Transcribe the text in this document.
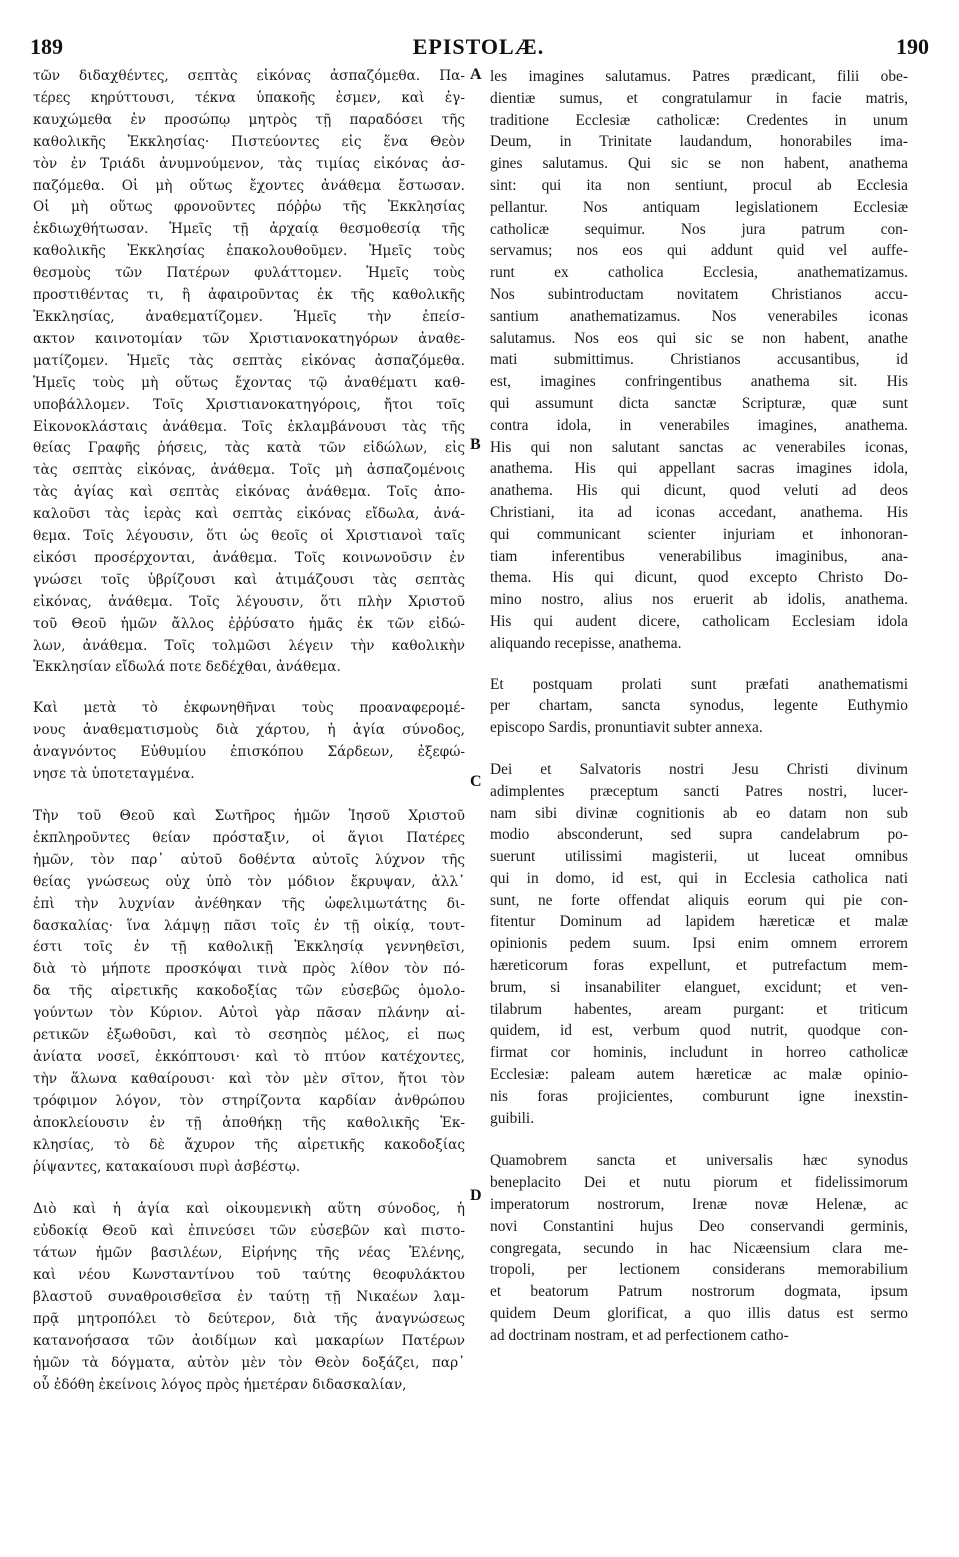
189	EPISTOLÆ.	190
τῶν διδαχθέντες, σεπτὰς εἰκόνας ἀσπαζόμεθα. Πα-
τέρες κηρύττουσι, τέκνα ὑπακοῆς ἐσμεν, καὶ ἐγ-
καυχώμεθα ἐν προσώπῳ μητρὸς τῇ παραδόσει τῆς
καθολικῆς Ἐκκλησίας· Πιστεύοντες εἰς ἕνα Θεὸν
τὸν ἐν Τριάδι ἀνυμνούμενον, τὰς τιμίας εἰκόνας ἀσ-
παζόμεθα. Οἱ μὴ οὕτως ἔχοντες ἀνάθεμα ἔστωσαν.
Οἱ μὴ οὕτως φρονοῦντες πόῤῥω τῆς Ἐκκλησίας
ἐκδιωχθήτωσαν. Ἡμεῖς τῇ ἀρχαίᾳ θεσμοθεσίᾳ τῆς
καθολικῆς Ἐκκλησίας ἐπακολουθοῦμεν. Ἡμεῖς τοὺς
θεσμοὺς τῶν Πατέρων φυλάττομεν. Ἡμεῖς τοὺς
προστιθέντας τι, ἢ ἀφαιροῦντας ἐκ τῆς καθολικῆς
Ἐκκλησίας, ἀναθεματίζομεν. Ἡμεῖς τὴν ἐπείσ-
ακτον καινοτομίαν τῶν Χριστιανοκατηγόρων ἀναθε-
ματίζομεν. Ἡμεῖς τὰς σεπτὰς εἰκόνας ἀσπαζόμεθα.
Ἡμεῖς τοὺς μὴ οὕτως ἔχοντας τῷ ἀναθέματι καθ-
υποβάλλομεν. Τοῖς Χριστιανοκατηγόροις, ἤτοι τοῖς
Εἰκονοκλάσταις ἀνάθεμα. Τοῖς ἐκλαμβάνουσι τὰς τῆς
θείας Γραφῆς ῥήσεις, τὰς κατὰ τῶν εἰδώλων, εἰς
τὰς σεπτὰς εἰκόνας, ἀνάθεμα. Τοῖς μὴ ἀσπαζομένοις
τὰς ἁγίας καὶ σεπτὰς εἰκόνας ἀνάθεμα. Τοῖς ἀπο-
καλοῦσι τὰς ἱερὰς καὶ σεπτὰς εἰκόνας εἴδωλα, ἀνά-
θεμα. Τοῖς λέγουσιν, ὅτι ὡς θεοῖς οἱ Χριστιανοὶ ταῖς
εἰκόσι προσέρχονται, ἀνάθεμα. Τοῖς κοινωνοῦσιν ἐν
γνώσει τοῖς ὑβρίζουσι καὶ ἀτιμάζουσι τὰς σεπτὰς
εἰκόνας, ἀνάθεμα. Τοῖς λέγουσιν, ὅτι πλὴν Χριστοῦ
τοῦ Θεοῦ ἡμῶν ἄλλος ἐῤῥύσατο ἡμᾶς ἐκ τῶν εἰδώ-
λων, ἀνάθεμα. Τοῖς τολμῶσι λέγειν τὴν καθολικὴν
Ἐκκλησίαν εἴδωλά ποτε δεδέχθαι, ἀνάθεμα.
Καὶ μετὰ τὸ ἐκφωνηθῆναι τοὺς προαναφερομέ-
νους ἀναθεματισμοὺς διὰ χάρτου, ἡ ἁγία σύνοδος,
ἀναγνόντος Εὐθυμίου ἐπισκόπου Σάρδεων, ἐξεφώ-
νησε τὰ ὑποτεταγμένα.
Τὴν τοῦ Θεοῦ καὶ Σωτῆρος ἡμῶν Ἰησοῦ Χριστοῦ
ἐκπληροῦντες θείαν πρόσταξιν, οἱ ἅγιοι Πατέρες
ἡμῶν, τὸν παρ᾽ αὐτοῦ δοθέντα αὐτοῖς λύχνον τῆς
θείας γνώσεως οὐχ ὑπὸ τὸν μόδιον ἔκρυψαν, ἀλλ᾽
ἐπὶ τὴν λυχνίαν ἀνέθηκαν τῆς ὠφελιμωτάτης δι-
δασκαλίας· ἵνα λάμψῃ πᾶσι τοῖς ἐν τῇ οἰκίᾳ, τουτ-
έστι τοῖς ἐν τῇ καθολικῇ Ἐκκλησίᾳ γεννηθεῖσι,
διὰ τὸ μήποτε προσκόψαι τινὰ πρὸς λίθον τὸν πό-
δα τῆς αἱρετικῆς κακοδοξίας τῶν εὐσεβῶς ὁμολο-
γούντων τὸν Κύριον. Αὐτοὶ γὰρ πᾶσαν πλάνην αἱ-
ρετικῶν ἐξωθοῦσι, καὶ τὸ σεσηπὸς μέλος, εἰ πως
ἀνίατα νοσεῖ, ἐκκόπτουσι· καὶ τὸ πτύον κατέχοντες,
τὴν ἅλωνα καθαίρουσι· καὶ τὸν μὲν σῖτον, ἤτοι τὸν
τρόφιμον λόγον, τὸν στηρίζοντα καρδίαν ἀνθρώπου
ἀποκλείουσιν ἐν τῇ ἀποθήκῃ τῆς καθολικῆς Ἐκ-
κλησίας, τὸ δὲ ἄχυρον τῆς αἱρετικῆς κακοδοξίας
ῥίψαντες, κατακαίουσι πυρὶ ἀσβέστῳ.
Διὸ καὶ ἡ ἁγία καὶ οἰκουμενικὴ αὕτη σύνοδος, ἡ
εὐδοκίᾳ Θεοῦ καὶ ἐπινεύσει τῶν εὐσεβῶν καὶ πιστο-
τάτων ἡμῶν βασιλέων, Εἰρήνης τῆς νέας Ἑλένης,
καὶ νέου Κωνσταντίνου τοῦ ταύτης θεοφυλάκτου
βλαστοῦ συναθροισθεῖσα ἐν ταύτῃ τῇ Νικαέων λαμ-
πρᾷ μητροπόλει τὸ δεύτερον, διὰ τῆς ἀναγνώσεως
κατανοήσασα τῶν ἀοιδίμων καὶ μακαρίων Πατέρων
ἡμῶν τὰ δόγματα, αὐτὸν μὲν τὸν Θεὸν δοξάζει, παρ᾽
οὗ ἐδόθη ἐκείνοις λόγος πρὸς ἡμετέραν διδασκαλίαν,
A
B
C
D
les imagines salutamus. Patres prædicant, filii obe-
dientiæ sumus, et congratulamur in facie matris,
traditione Ecclesiæ catholicæ: Credentes in unum
Deum, in Trinitate laudandum, honorabiles ima-
gines salutamus. Qui sic se non habent, anathema
sint: qui ita non sentiunt, procul ab Ecclesia
pellantur. Nos antiquam legislationem Ecclesiæ
catholicæ sequimur. Nos jura patrum con-
servamus; nos eos qui addunt quid vel auffe-
runt ex catholica Ecclesia, anathematizamus.
Nos subintroductam novitatem Christianos accu-
santium anathematizamus. Nos venerabiles iconas
salutamus. Nos eos qui sic se non habent, anathe
mati submittimus. Christianos accusantibus, id
est, imagines confringentibus anathema sit. His
qui assumunt dicta sanctæ Scripturæ, quæ sunt
contra idola, in venerabiles imagines, anathema.
His qui non salutant sanctas ac venerabiles iconas,
anathema. His qui appellant sacras imagines idola,
anathema. His qui dicunt, quod veluti ad deos
Christiani, ita ad iconas accedant, anathema. His
qui communicant scienter injuriam et inhonoran-
tiam inferentibus venerabilibus imaginibus, ana-
thema. His qui dicunt, quod excepto Christo Do-
mino nostro, alius nos eruerit ab idolis, anathema.
His qui audent dicere, catholicam Ecclesiam idola
aliquando recepisse, anathema.
Et postquam prolati sunt præfati anathematismi
per chartam, sancta synodus, legente Euthymio
episcopo Sardis, pronuntiavit subter annexa.
Dei et Salvatoris nostri Jesu Christi divinum
adimplentes præceptum sancti Patres nostri, lucer-
nam sibi divinæ cognitionis ab eo datam non sub
modio absconderunt, sed supra candelabrum po-
suerunt utilissimi magisterii, ut luceat omnibus
qui in domo, id est, qui in Ecclesia catholica nati
sunt, ne forte offendat aliquis eorum qui pie con-
fitentur Dominum ad lapidem hæreticæ et malæ
opinionis pedem suum. Ipsi enim omnem errorem
hæreticorum foras expellunt, et putrefactum mem-
brum, si insanabiliter elanguet, excidunt; et ven-
tilabrum habentes, aream purgant: et triticum
quidem, id est, verbum quod nutrit, quodque con-
firmat cor hominis, includunt in horreo catholicæ
Ecclesiæ: paleam autem hæreticæ ac malæ opinio-
nis foras projicientes, comburunt igne inexstin-
guibili.
Quamobrem sancta et universalis hæc synodus
beneplacito Dei et nutu piorum et fidelissimorum
imperatorum nostrorum, Irenæ novæ Helenæ, ac
novi Constantini hujus Deo conservandi germinis,
congregata, secundo in hac Nicæensium clara me-
tropoli, per lectionem considerans memorabilium
et beatorum Patrum nostrorum dogmata, ipsum
quidem Deum glorificat, a quo illis datus est sermo
ad doctrinam nostram, et ad perfectionem catho-
